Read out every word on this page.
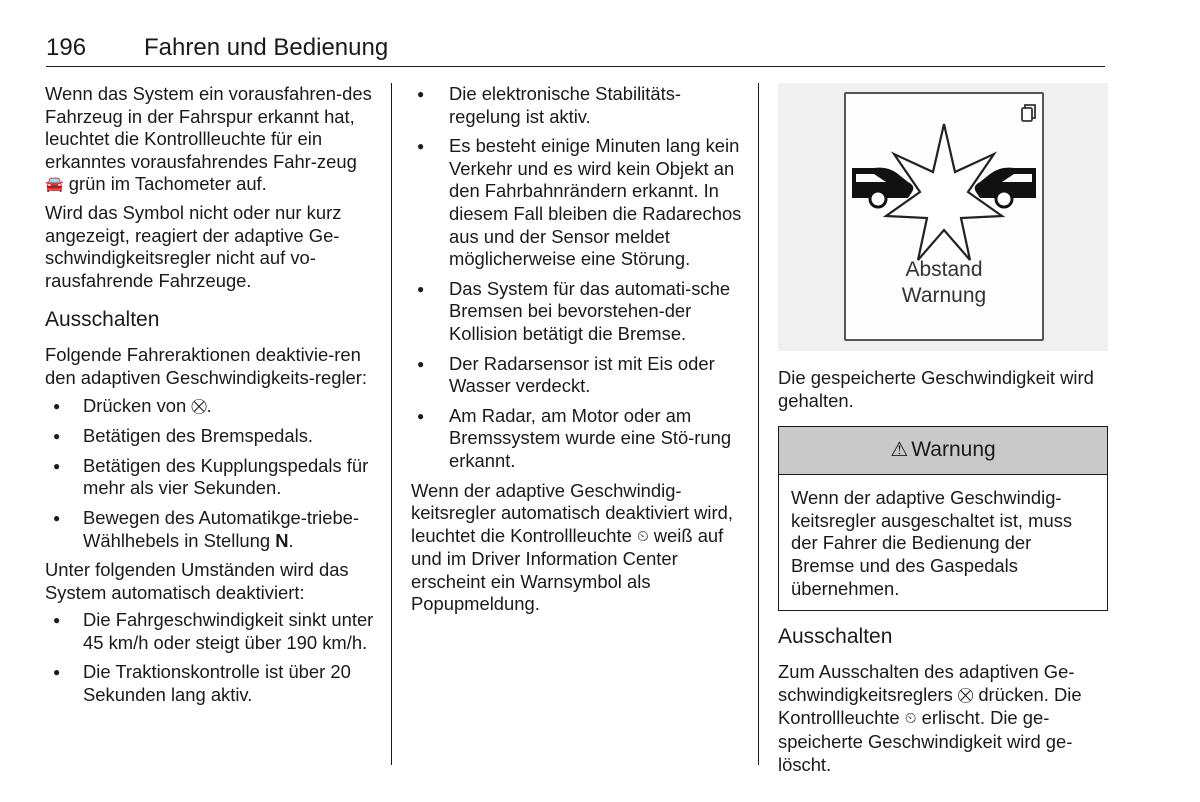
196 Fahren und Bedienung

Wenn das System ein vorausfahren-des Fahrzeug in der Fahrspur erkannt hat, leuchtet die Kontrollleuchte für ein erkanntes vorausfahrendes Fahr-zeug 🚘 grün im Tachometer auf.

Wird das Symbol nicht oder nur kurz angezeigt, reagiert der adaptive Ge-schwindigkeitsregler nicht auf vo-rausfahrende Fahrzeuge.

Ausschalten

Folgende Fahreraktionen deaktivie-ren den adaptiven Geschwindigkeits-regler:

● Drücken von ⛒.
● Betätigen des Bremspedals.
● Betätigen des Kupplungspedals für mehr als vier Sekunden.
● Bewegen des Automatikge-triebe-Wählhebels in Stellung N.

Unter folgenden Umständen wird das System automatisch deaktiviert:

● Die Fahrgeschwindigkeit sinkt unter 45 km/h oder steigt über 190 km/h.
● Die Traktionskontrolle ist über 20 Sekunden lang aktiv.
● Die elektronische Stabilitäts-regelung ist aktiv.
● Es besteht einige Minuten lang kein Verkehr und es wird kein Objekt an den Fahrbahnrändern erkannt. In diesem Fall bleiben die Radarechos aus und der Sensor meldet möglicherweise eine Störung.
● Das System für das automati-sche Bremsen bei bevorstehen-der Kollision betätigt die Bremse.
● Der Radarsensor ist mit Eis oder Wasser verdeckt.
● Am Radar, am Motor oder am Bremssystem wurde eine Stö-rung erkannt.

Wenn der adaptive Geschwindig-keitsregler automatisch deaktiviert wird, leuchtet die Kontrollleuchte ⏲ weiß auf und im Driver Information Center erscheint ein Warnsymbol als Popupmeldung.

Abstand
Warnung

Die gespeicherte Geschwindigkeit wird gehalten.

⚠ Warnung
Wenn der adaptive Geschwindig-keitsregler ausgeschaltet ist, muss der Fahrer die Bedienung der Bremse und des Gaspedals übernehmen.
Ausschalten

Zum Ausschalten des adaptiven Ge-schwindigkeitsreglers ⛒ drücken. Die Kontrollleuchte ⏲ erlischt. Die ge-speicherte Geschwindigkeit wird ge-löscht.
